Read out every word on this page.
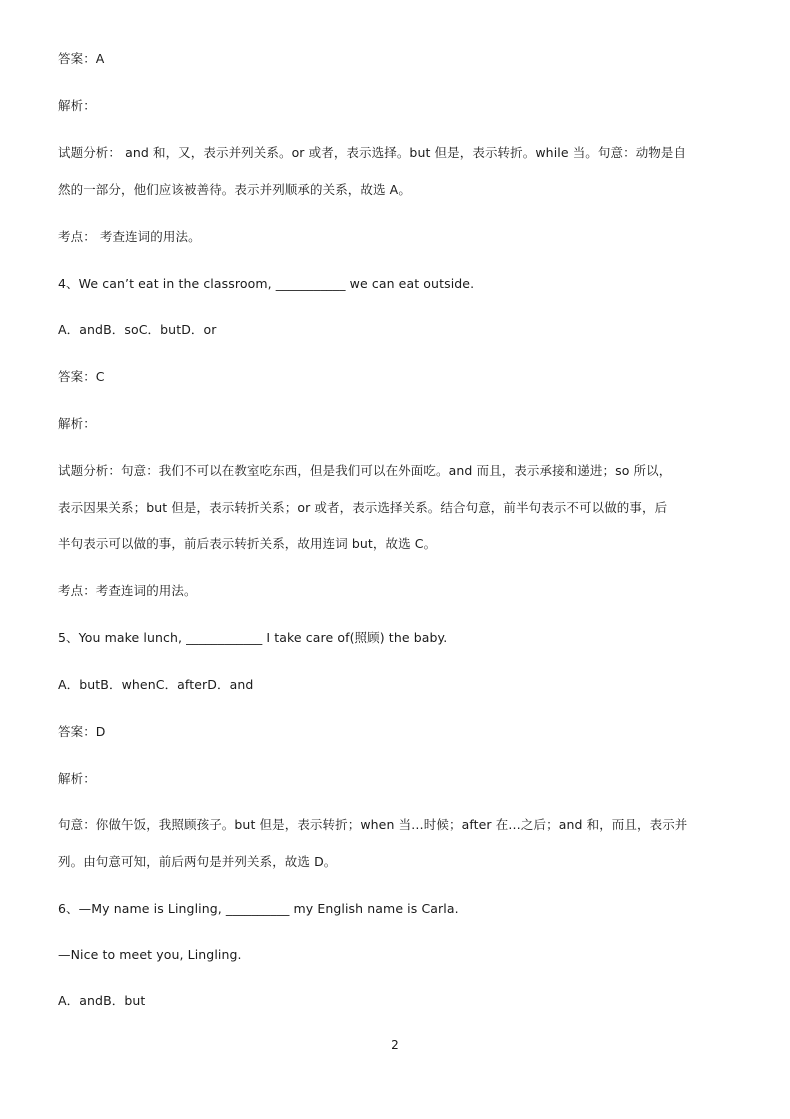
答案：A
解析：
试题分析： and 和，又，表示并列关系。or 或者，表示选择。but 但是，表示转折。while 当。句意：动物是自
然的一部分，他们应该被善待。表示并列顺承的关系，故选 A。
考点： 考查连词的用法。
4、We can’t eat in the classroom, ___________ we can eat outside.
A．andB．soC．butD．or
答案：C
解析：
试题分析：句意：我们不可以在教室吃东西，但是我们可以在外面吃。and 而且，表示承接和递进；so 所以，
表示因果关系；but 但是，表示转折关系；or 或者，表示选择关系。结合句意，前半句表示不可以做的事，后
半句表示可以做的事，前后表示转折关系，故用连词 but，故选 C。
考点：考查连词的用法。
5、You make lunch, ____________ I take care of(照顾) the baby.
A．butB．whenC．afterD．and
答案：D
解析：
句意：你做午饭，我照顾孩子。but 但是，表示转折；when 当…时候；after 在…之后；and 和，而且，表示并
列。由句意可知，前后两句是并列关系，故选 D。
6、—My name is Lingling, __________ my English name is Carla.
—Nice to meet you, Lingling.
A．andB．but
2
